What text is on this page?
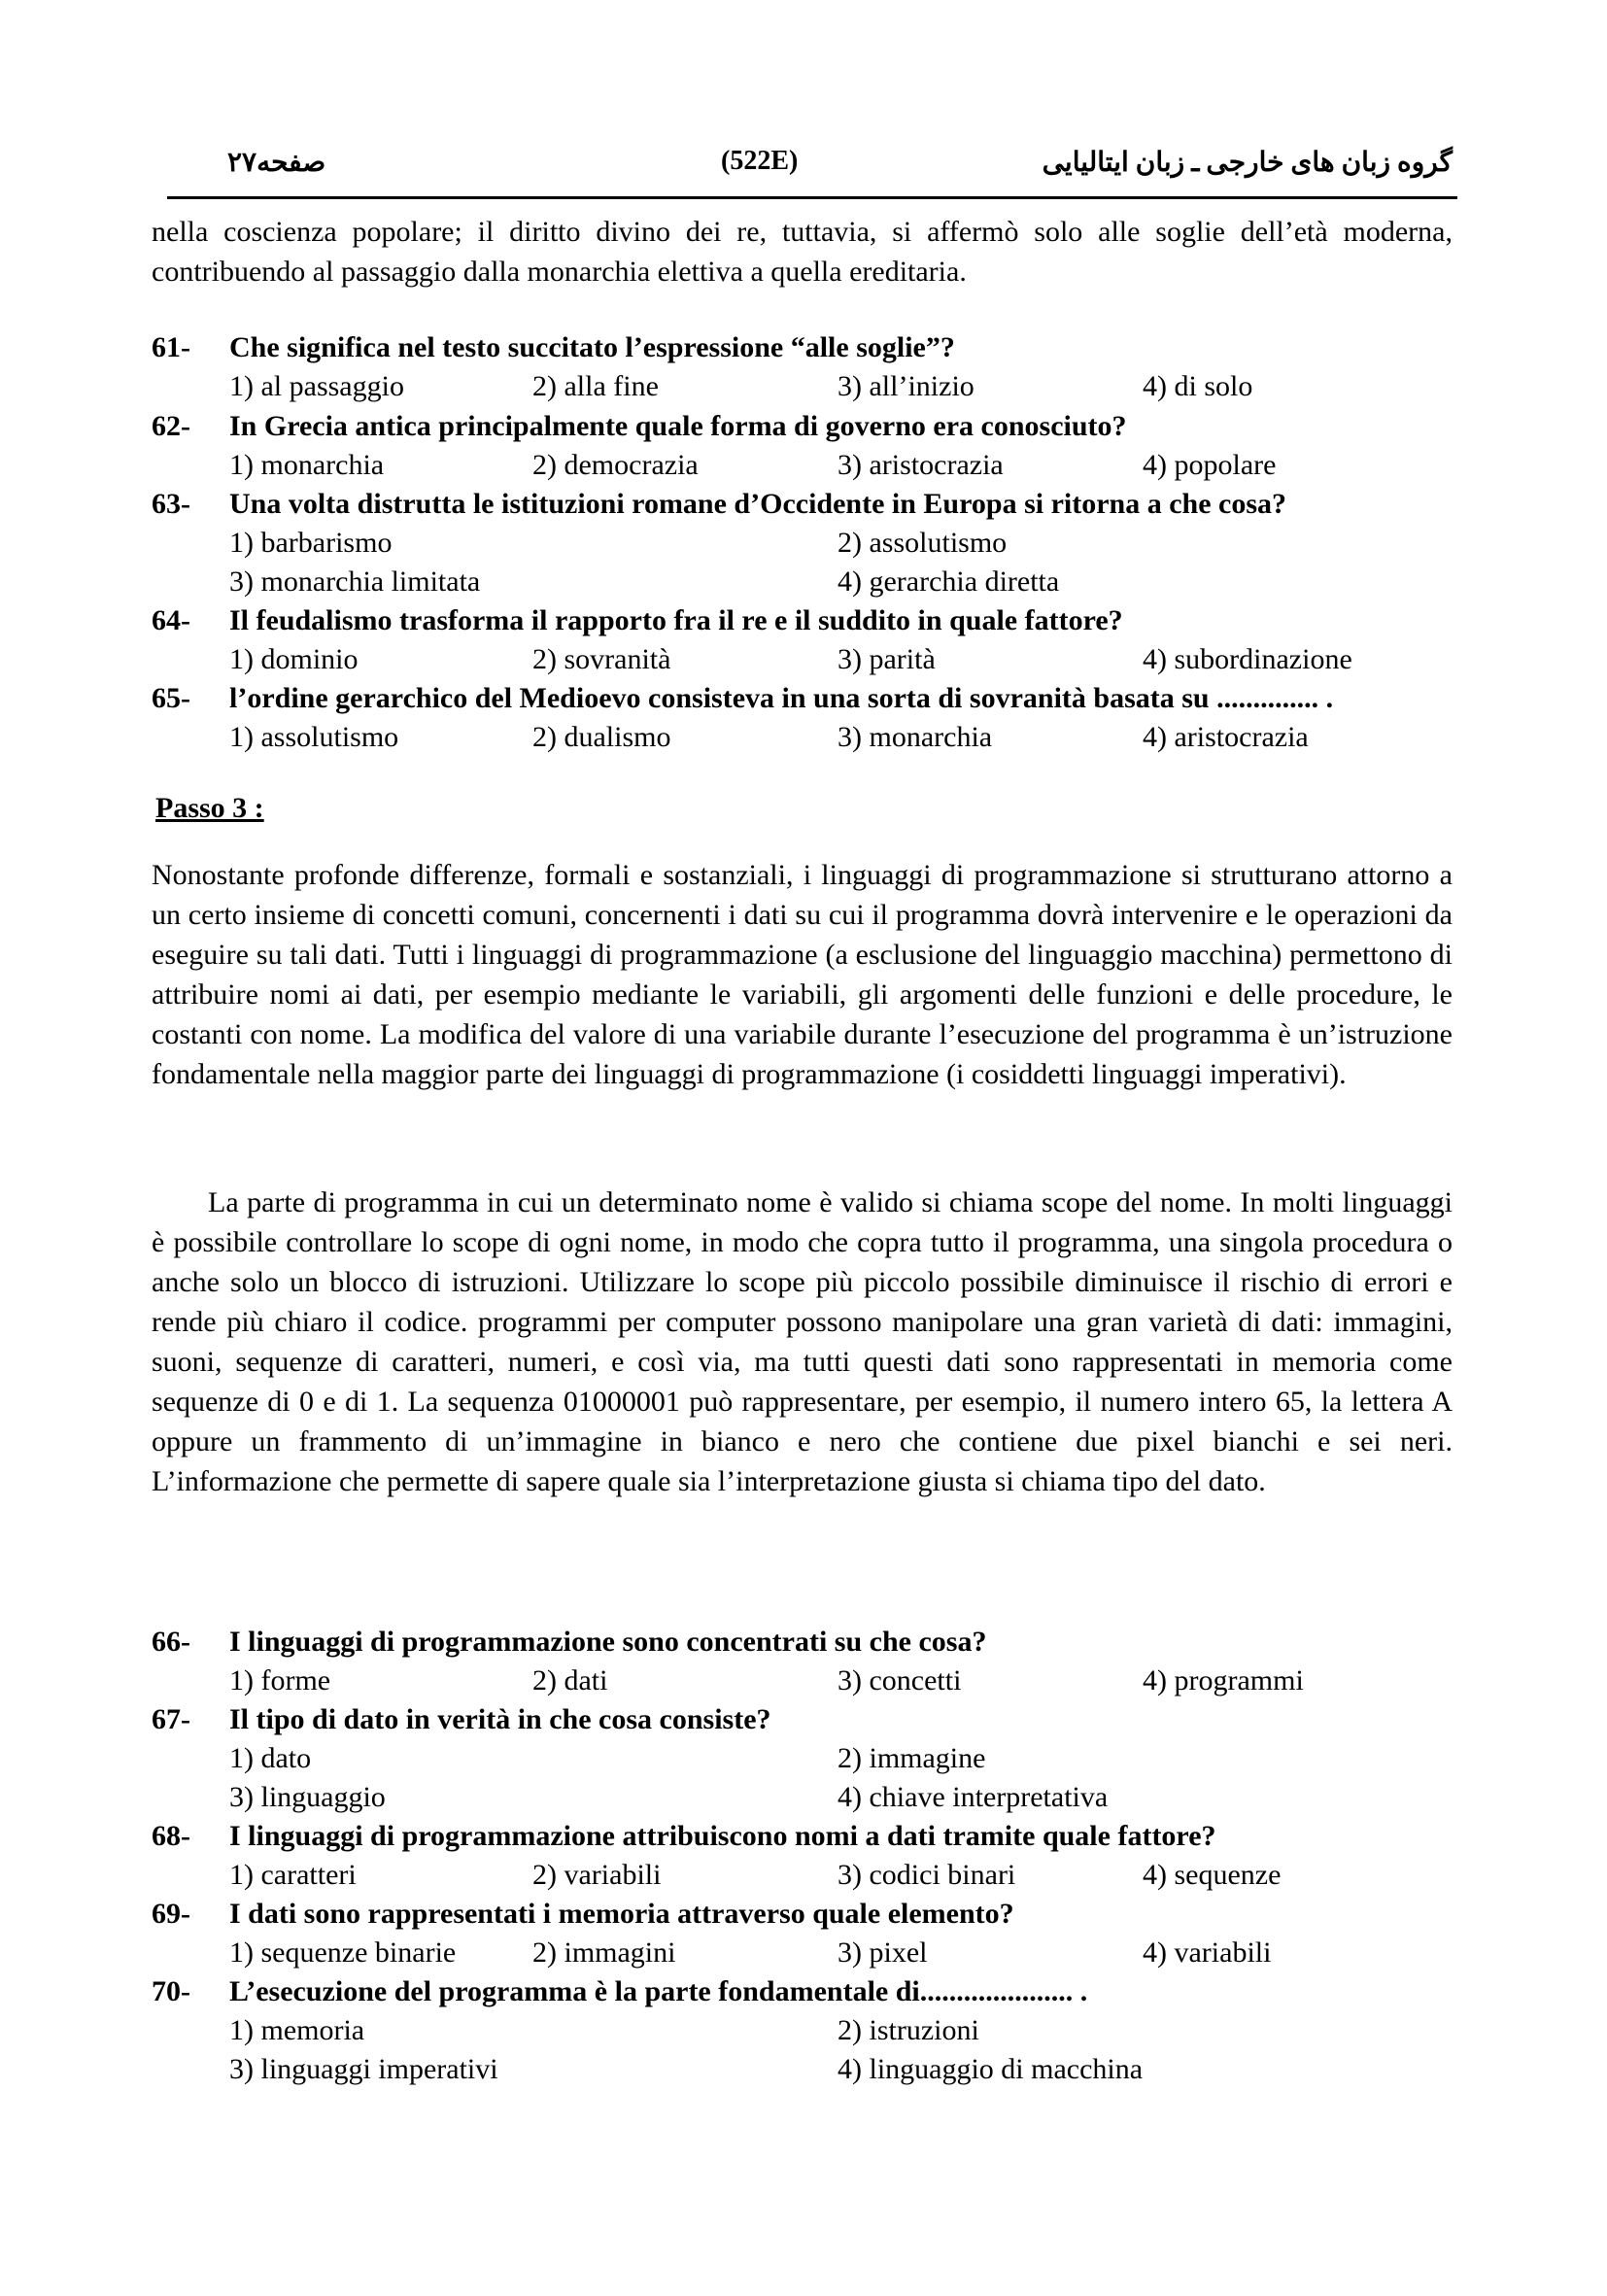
صفحه۲۷	(522E)	گروه زبان های خارجی ـ زبان ایتالیایی

nella coscienza popolare; il diritto divino dei re, tuttavia, si affermò solo alle soglie dell’età moderna, contribuendo al passaggio dalla monarchia elettiva a quella ereditaria.

61- Che significa nel testo succitato l’espressione “alle soglie”?
1) al passaggio	2) alla fine	3) all’inizio	4) di solo
62- In Grecia antica principalmente quale forma di governo era conosciuto?
1) monarchia	2) democrazia	3) aristocrazia	4) popolare
63- Una volta distrutta le istituzioni romane d’Occidente in Europa si ritorna a che cosa?
1) barbarismo	2) assolutismo
3) monarchia limitata	4) gerarchia diretta
64- Il feudalismo trasforma il rapporto fra il re e il suddito in quale fattore?
1) dominio	2) sovranità	3) parità	4) subordinazione
65- l’ordine gerarchico del Medioevo consisteva in una sorta di sovranità basata su .............. .
1) assolutismo	2) dualismo	3) monarchia	4) aristocrazia
Passo 3 :

Nonostante profonde differenze, formali e sostanziali, i linguaggi di programmazione si strutturano attorno a un certo insieme di concetti comuni, concernenti i dati su cui il programma dovrà intervenire e le operazioni da eseguire su tali dati. Tutti i linguaggi di programmazione (a esclusione del linguaggio macchina) permettono di attribuire nomi ai dati, per esempio mediante le variabili, gli argomenti delle funzioni e delle procedure, le costanti con nome. La modifica del valore di una variabile durante l’esecuzione del programma è un’istruzione fondamentale nella maggior parte dei linguaggi di programmazione (i cosiddetti linguaggi imperativi).

La parte di programma in cui un determinato nome è valido si chiama scope del nome. In molti linguaggi è possibile controllare lo scope di ogni nome, in modo che copra tutto il programma, una singola procedura o anche solo un blocco di istruzioni. Utilizzare lo scope più piccolo possibile diminuisce il rischio di errori e rende più chiaro il codice. programmi per computer possono manipolare una gran varietà di dati: immagini, suoni, sequenze di caratteri, numeri, e così via, ma tutti questi dati sono rappresentati in memoria come sequenze di 0 e di 1. La sequenza 01000001 può rappresentare, per esempio, il numero intero 65, la lettera A oppure un frammento di un’immagine in bianco e nero che contiene due pixel bianchi e sei neri. L’informazione che permette di sapere quale sia l’interpretazione giusta si chiama tipo del dato.

66- I linguaggi di programmazione sono concentrati su che cosa?
1) forme	2) dati	3) concetti	4) programmi
67- Il tipo di dato in verità in che cosa consiste?
1) dato	2) immagine
3) linguaggio	4) chiave interpretativa
68- I linguaggi di programmazione attribuiscono nomi a dati tramite quale fattore?
1) caratteri	2) variabili	3) codici binari	4) sequenze
69- I dati sono rappresentati i memoria attraverso quale elemento?
1) sequenze binarie	2) immagini	3) pixel	4) variabili
70- L’esecuzione del programma è la parte fondamentale di..................... .
1) memoria	2) istruzioni
3) linguaggi imperativi	4) linguaggio di macchina
